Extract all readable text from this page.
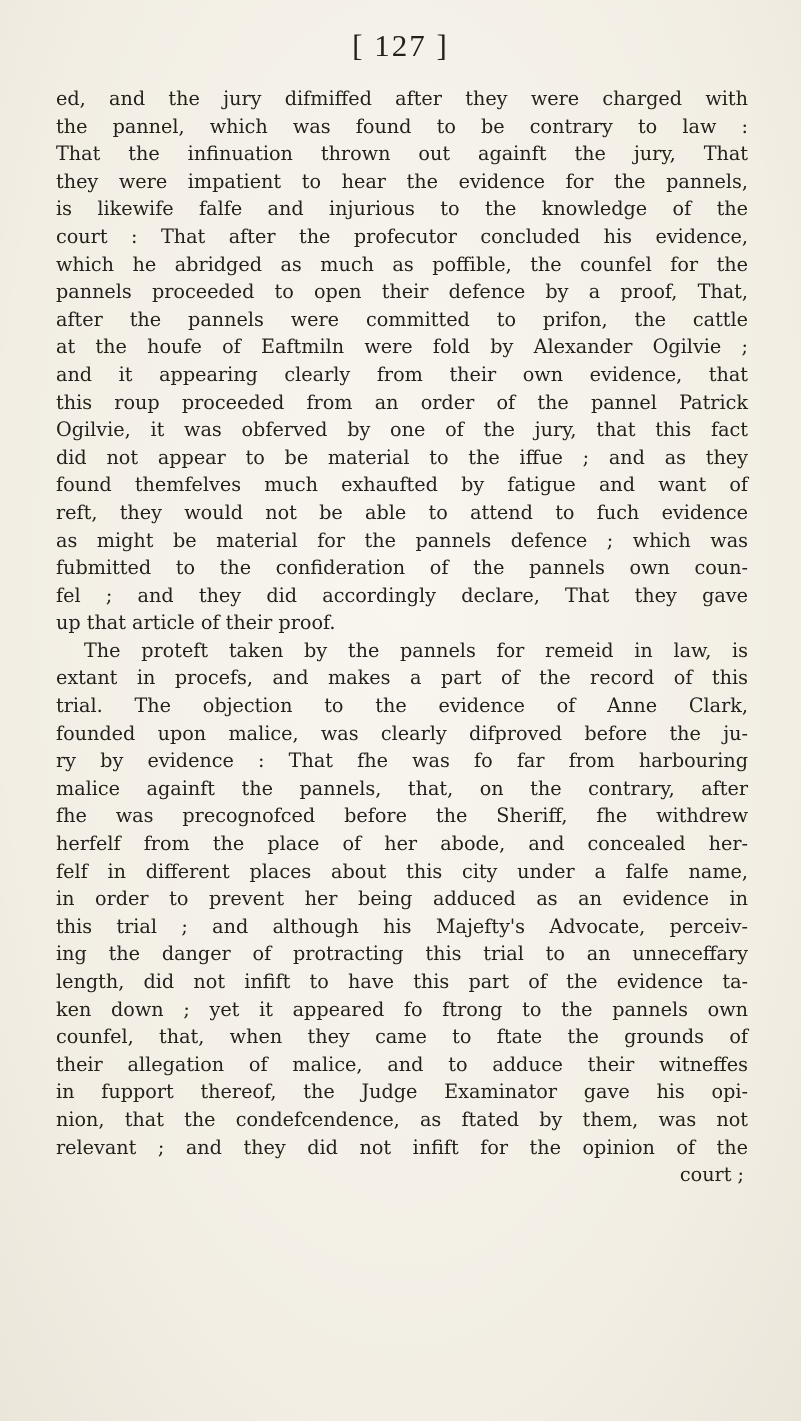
[ 127 ]
ed, and the jury difmiffed after they were charged with
the pannel, which was found to be contrary to law :
That the infinuation thrown out againft the jury, That
they were impatient to hear the evidence for the pannels,
is likewife falfe and injurious to the knowledge of the
court : That after the profecutor concluded his evidence,
which he abridged as much as poffible, the counfel for the
pannels proceeded to open their defence by a proof, That,
after the pannels were committed to prifon, the cattle
at the houfe of Eaftmiln were fold by Alexander Ogilvie ;
and it appearing clearly from their own evidence, that
this roup proceeded from an order of the pannel Patrick
Ogilvie, it was obferved by one of the jury, that this fact
did not appear to be material to the iffue ; and as they
found themfelves much exhaufted by fatigue and want of
reft, they would not be able to attend to fuch evidence
as might be material for the pannels defence ; which was
fubmitted to the confideration of the pannels own coun-
fel ; and they did accordingly declare, That they gave
up that article of their proof.
The proteft taken by the pannels for remeid in law, is
extant in procefs, and makes a part of the record of this
trial. The objection to the evidence of Anne Clark,
founded upon malice, was clearly difproved before the ju-
ry by evidence : That fhe was fo far from harbouring
malice againft the pannels, that, on the contrary, after
fhe was precognofced before the Sheriff, fhe withdrew
herfelf from the place of her abode, and concealed her-
felf in different places about this city under a falfe name,
in order to prevent her being adduced as an evidence in
this trial ; and although his Majefty's Advocate, perceiv-
ing the danger of protracting this trial to an unneceffary
length, did not infift to have this part of the evidence ta-
ken down ; yet it appeared fo ftrong to the pannels own
counfel, that, when they came to ftate the grounds of
their allegation of malice, and to adduce their witneffes
in fupport thereof, the Judge Examinator gave his opi-
nion, that the condefcendence, as ftated by them, was not
relevant ; and they did not infift for the opinion of the
court ;
